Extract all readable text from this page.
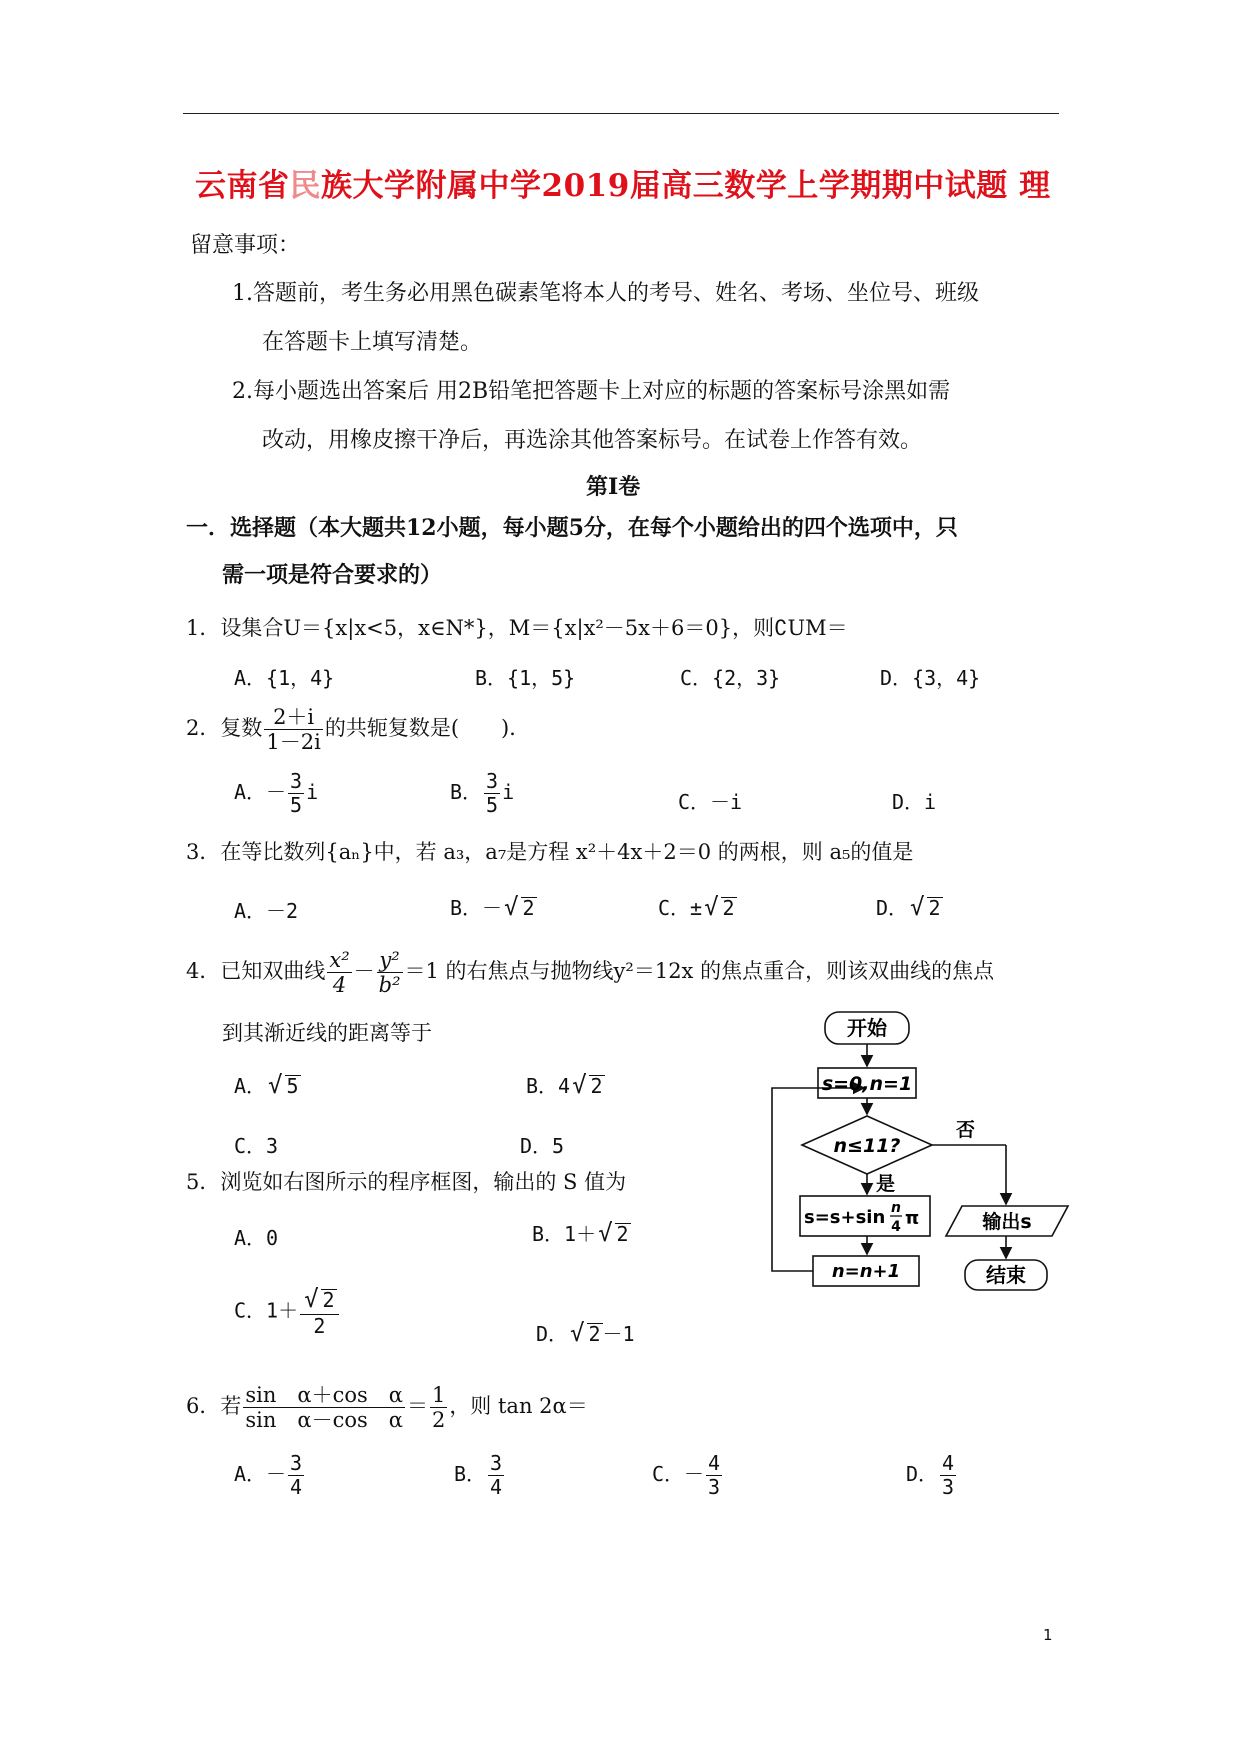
云南省民族大学附属中学2019届高三数学上学期期中试题 理
留意事项：
1.答题前，考生务必用黑色碳素笔将本人的考号、姓名、考场、坐位号、班级
在答题卡上填写清楚。
2.每小题选出答案后 用2B铅笔把答题卡上对应的标题的答案标号涂黑如需
改动，用橡皮擦干净后，再选涂其他答案标号。在试卷上作答有效。
第Ⅰ卷
一．选择题（本大题共12小题，每小题5分，在每个小题给出的四个选项中，只
需一项是符合要求的）
1．设集合U＝{x|x<5，x∈N*}，M＝{x|x²－5x＋6＝0}，则∁UM＝
A．{1，4}	B．{1，5}	C．{2，3}	D．{3，4}
2．复数 $\frac{2+i}{1-2i}$ 的共轭复数是(　　)．
A．－ $\frac{3}{5}$ i	B． $\frac{3}{5}$ i	C．－i	D．i
3．在等比数列{aₙ}中，若 a₃，a₇是方程 x²＋4x＋2＝0 的两根，则 a₅的值是
A．－2	B．－√ 2	C．±√ 2	D．√ 2
4．已知双曲线 $\frac{\text{x²}}{4} - \frac{\text{y²}}{\text{b²}} =1$ 的右焦点与抛物线y²＝12x 的焦点重合，则该双曲线的焦点
到其渐近线的距离等于
A．√ 5	B．4√ 2
C．3	D．5
5．浏览如右图所示的程序框图，输出的 S 值为
A．0	B．1＋√ 2
C．$1+ \frac{√ 2}{2}$	D．√ 2 －1
6．若 $\frac{\text{sin　α＋cos　α}}{\text{sin　α－cos　α}} = \frac{1}{2}$ ，则 tan 2α＝
A．－ $\frac{3}{4}$	B． $\frac{3}{4}$	C．－ $\frac{4}{3}$	D． $\frac{4}{3}$
开始
s=0,n=1
n≤11?
否
是
s=s+sin n
4 π
n=n+1
输出s
结束
1
